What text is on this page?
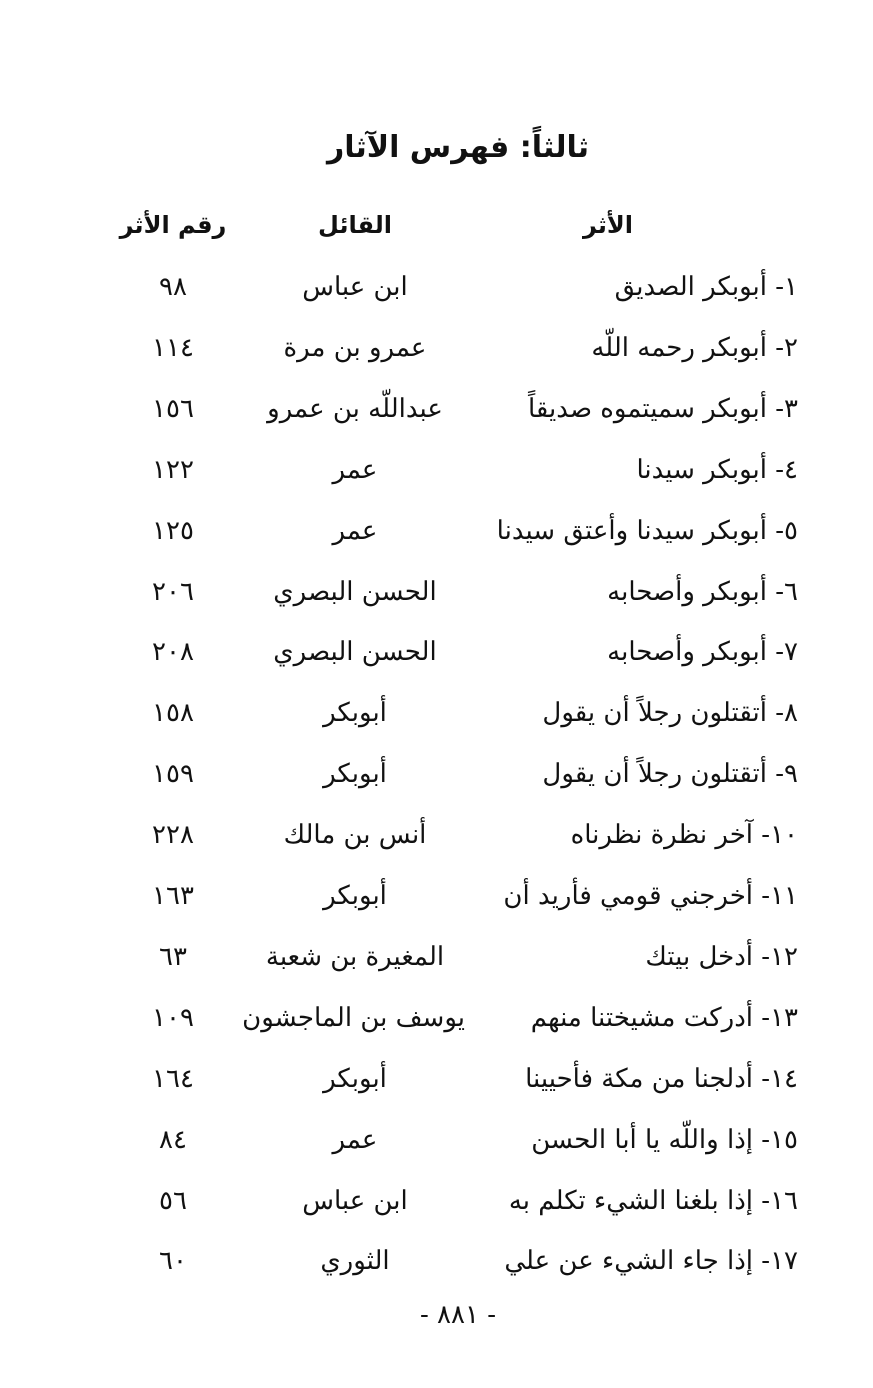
ثالثاً: فهرس الآثار
الأثر
القائل
رقم الأثر
١- أبوبكر الصديق
ابن عباس
٩٨
٢- أبوبكر رحمه اللّه
عمرو بن مرة
١١٤
٣- أبوبكر سميتموه صديقاً
عبداللّه بن عمرو
١٥٦
٤- أبوبكر سيدنا
عمر
١٢٢
٥- أبوبكر سيدنا وأعتق سيدنا
عمر
١٢٥
٦- أبوبكر وأصحابه
الحسن البصري
٢٠٦
٧- أبوبكر وأصحابه
الحسن البصري
٢٠٨
٨- أتقتلون رجلاً أن يقول
أبوبكر
١٥٨
٩- أتقتلون رجلاً أن يقول
أبوبكر
١٥٩
١٠- آخر نظرة نظرناه
أنس بن مالك
٢٢٨
١١- أخرجني قومي فأريد أن
أبوبكر
١٦٣
١٢- أدخل بيتك
المغيرة بن شعبة
٦٣
١٣- أدركت مشيختنا منهم
يوسف بن الماجشون
١٠٩
١٤- أدلجنا من مكة فأحيينا
أبوبكر
١٦٤
١٥- إذا واللّه يا أبا الحسن
عمر
٨٤
١٦- إذا بلغنا الشيء تكلم به
ابن عباس
٥٦
١٧- إذا جاء الشيء عن علي
الثوري
٦٠
- ٨٨١ -
